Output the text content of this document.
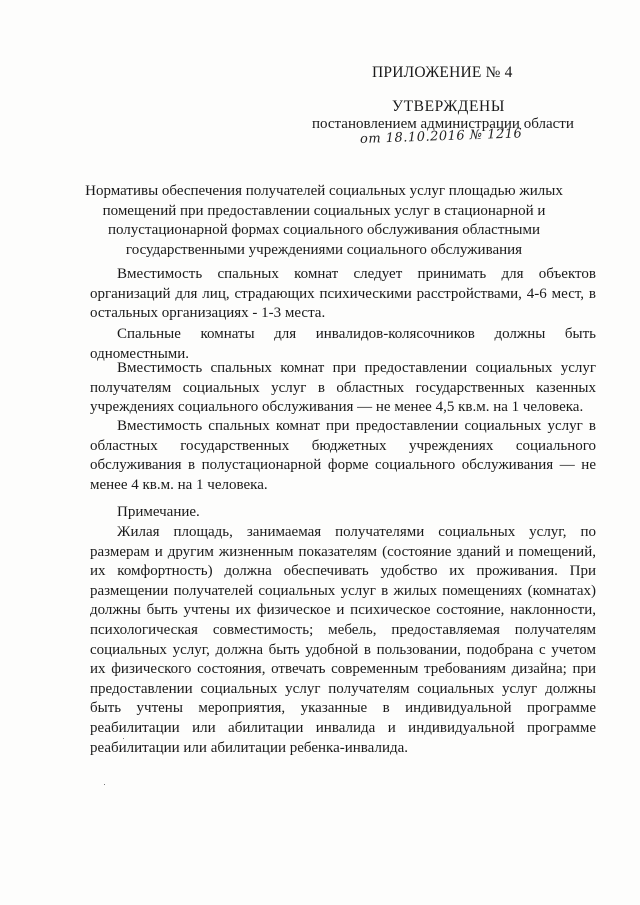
ПРИЛОЖЕНИЕ № 4
УТВЕРЖДЕНЫ
постановлением администрации области
от 18.10.2016 № 1216
Нормативы обеспечения получателей социальных услуг площадью жилых помещений при предоставлении социальных услуг в стационарной и полустационарной формах социального обслуживания областными государственными учреждениями социального обслуживания

Вместимость спальных комнат следует принимать для объектов организаций для лиц, страдающих психическими расстройствами, 4-6 мест, в остальных организациях - 1-3 места.

Спальные комнаты для инвалидов-колясочников должны быть одноместными.

Вместимость спальных комнат при предоставлении социальных услуг получателям социальных услуг в областных государственных казенных учреждениях социального обслуживания — не менее 4,5 кв.м. на 1 человека.

Вместимость спальных комнат при предоставлении социальных услуг в областных государственных бюджетных учреждениях социального обслуживания в полустационарной форме социального обслуживания — не менее 4 кв.м. на 1 человека.

Примечание.

Жилая площадь, занимаемая получателями социальных услуг, по размерам и другим жизненным показателям (состояние зданий и помещений, их комфортность) должна обеспечивать удобство их проживания. При размещении получателей социальных услуг в жилых помещениях (комнатах) должны быть учтены их физическое и психическое состояние, наклонности, психологическая совместимость; мебель, предоставляемая получателям социальных услуг, должна быть удобной в пользовании, подобрана с учетом их физического состояния, отвечать современным требованиям дизайна; при предоставлении социальных услуг получателям социальных услуг должны быть учтены мероприятия, указанные в индивидуальной программе реабилитации или абилитации инвалида и индивидуальной программе реабилитации или абилитации ребенка-инвалида.
